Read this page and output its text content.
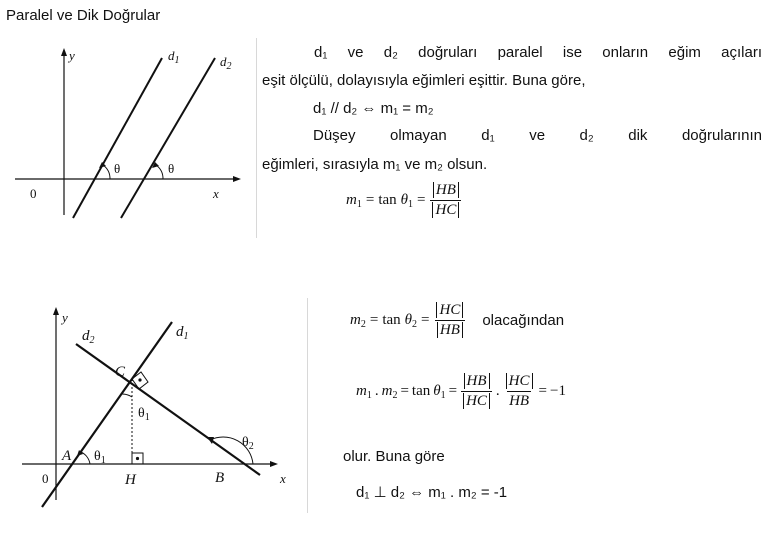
Paralel ve Dik Doğrular
y
x
0
$d_1$	$d_2$
θ	θ
d₁ ve d₂ doğruları paralel ise onların eğim açıları
eşit ölçülü, dolayısıyla eğimleri eşittir. Buna göre,
d₁ // d₂ ⇔ m₁ = m₂
Düşey olmayan d₁ ve d₂ dik doğrularının
eğimleri, sırasıyla m₁ ve m₂ olsun.
$m_1 = \tan \theta_1 = \frac{HB}{HC}$
y
x
0
$d_1$
$d_2$
A
C
H	B
$\theta_1$
$\theta_1$
$\theta_2$
$m_2 = \tan \theta_2 = \frac{HC}{HB}$ olacağından
$m_1$ . $m_2 = \tan \theta_1 = \frac{HB}{HC}$ . $\frac{HC}{HB} = -1$
olur. Buna göre
d₁ ⊥ d₂ ⇔ m₁ . m₂ = -1
